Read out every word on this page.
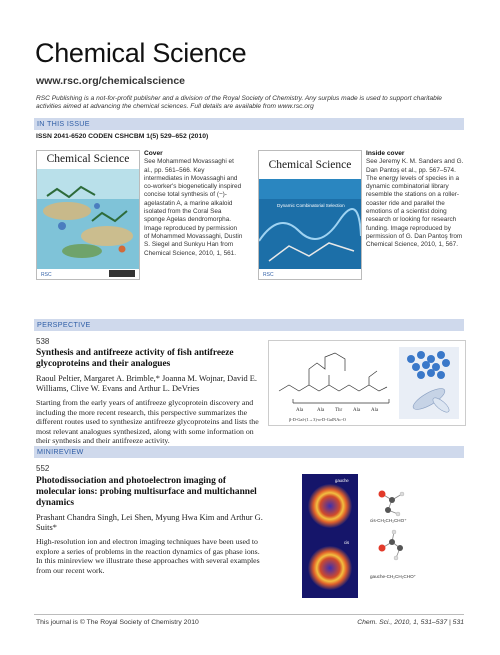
Chemical Science
www.rsc.org/chemicalscience
RSC Publishing is a not-for-profit publisher and a division of the Royal Society of Chemistry. Any surplus made is used to support charitable activities aimed at advancing the chemical sciences. Full details are available from www.rsc.org
IN THIS ISSUE
ISSN 2041-6520 CODEN CSHCBM 1(5) 529–652 (2010)
Chemical Science
RSC
Cover
See Mohammed Movassaghi et al., pp. 561–566. Key intermediates in Movassaghi and co-worker's biogenetically inspired concise total synthesis of (−)-agelastatin A, a marine alkaloid isolated from the Coral Sea sponge Agelas dendromorpha. Image reproduced by permission of Mohammed Movassaghi, Dustin S. Siegel and Sunkyu Han from Chemical Science, 2010, 1, 561.
Chemical Science
RSC
Dynamic Combinatorial Selection
Inside cover
See Jeremy K. M. Sanders and G. Dan Pantoş et al., pp. 567–574. The energy levels of species in a dynamic combinatorial library resemble the stations on a roller-coaster ride and parallel the emotions of a scientist doing research or looking for research funding. Image reproduced by permission of G. Dan Pantoş from Chemical Science, 2010, 1, 567.
PERSPECTIVE
538
Synthesis and antifreeze activity of fish antifreeze glycoproteins and their analogues
Raoul Peltier, Margaret A. Brimble,* Joanna M. Wojnar, David E. Williams, Clive W. Evans and Arthur L. DeVries
Starting from the early years of antifreeze glycoprotein discovery and including the more recent research, this perspective summarizes the different routes used to synthesize antifreeze glycoproteins and lists the most relevant analogues synthesized, along with some information on their synthesis and their antifreeze activity.
Ala	Ala Thr Ala Ala
β-D-Gal-(1→3)-α-D-GalNAc-O
MINIREVIEW
552
Photodissociation and photoelectron imaging of molecular ions: probing multisurface and multichannel dynamics
Prashant Chandra Singh, Lei Shen, Myung Hwa Kim and Arthur G. Suits*
High-resolution ion and electron imaging techniques have been used to explore a series of problems in the reaction dynamics of gas phase ions. In this minireview we illustrate these approaches with several examples from our recent work.
gauche
cis
cis-CH₂CH₂CHO⁺
gauche-CH₂CH₂CHO⁺
This journal is © The Royal Society of Chemistry 2010	Chem. Sci., 2010, 1, 531–537 | 531
